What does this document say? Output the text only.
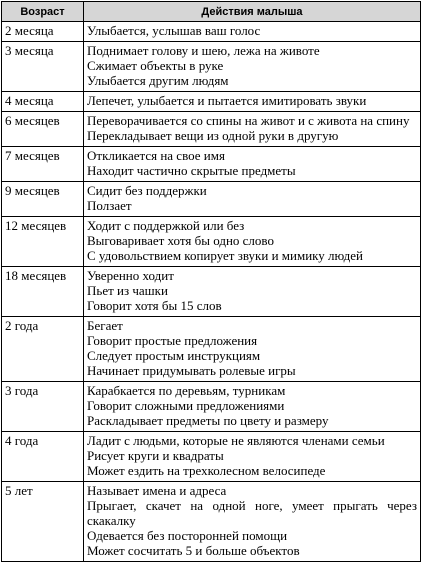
Возраст	Действия малыша
2 месяца	Улыбается, услышав ваш голос

3 месяца	Поднимает голову и шею, лежа на животе
Сжимает объекты в руке
Улыбается другим людям

4 месяца	Лепечет, улыбается и пытается имитировать звуки

6 месяцев	Переворачивается со спины на живот и с живота на спину
Перекладывает вещи из одной руки в другую

7 месяцев	Откликается на свое имя
Находит частично скрытые предметы

9 месяцев	Сидит без поддержки
Ползает

12 месяцев	Ходит с поддержкой или без
Выговаривает хотя бы одно слово
С удовольствием копирует звуки и мимику людей

18 месяцев	Уверенно ходит
Пьет из чашки
Говорит хотя бы 15 слов

2 года	Бегает
Говорит простые предложения
Следует простым инструкциям
Начинает придумывать ролевые игры

3 года	Карабкается по деревьям, турникам
Говорит сложными предложениями
Раскладывает предметы по цвету и размеру

4 года	Ладит с людьми, которые не являются членами семьи
Рисует круги и квадраты
Может ездить на трехколесном велосипеде

5 лет	Называет имена и адреса
Прыгает, скачет на одной ноге, умеет прыгать через скакалку
Одевается без посторонней помощи
Может сосчитать 5 и больше объектов
